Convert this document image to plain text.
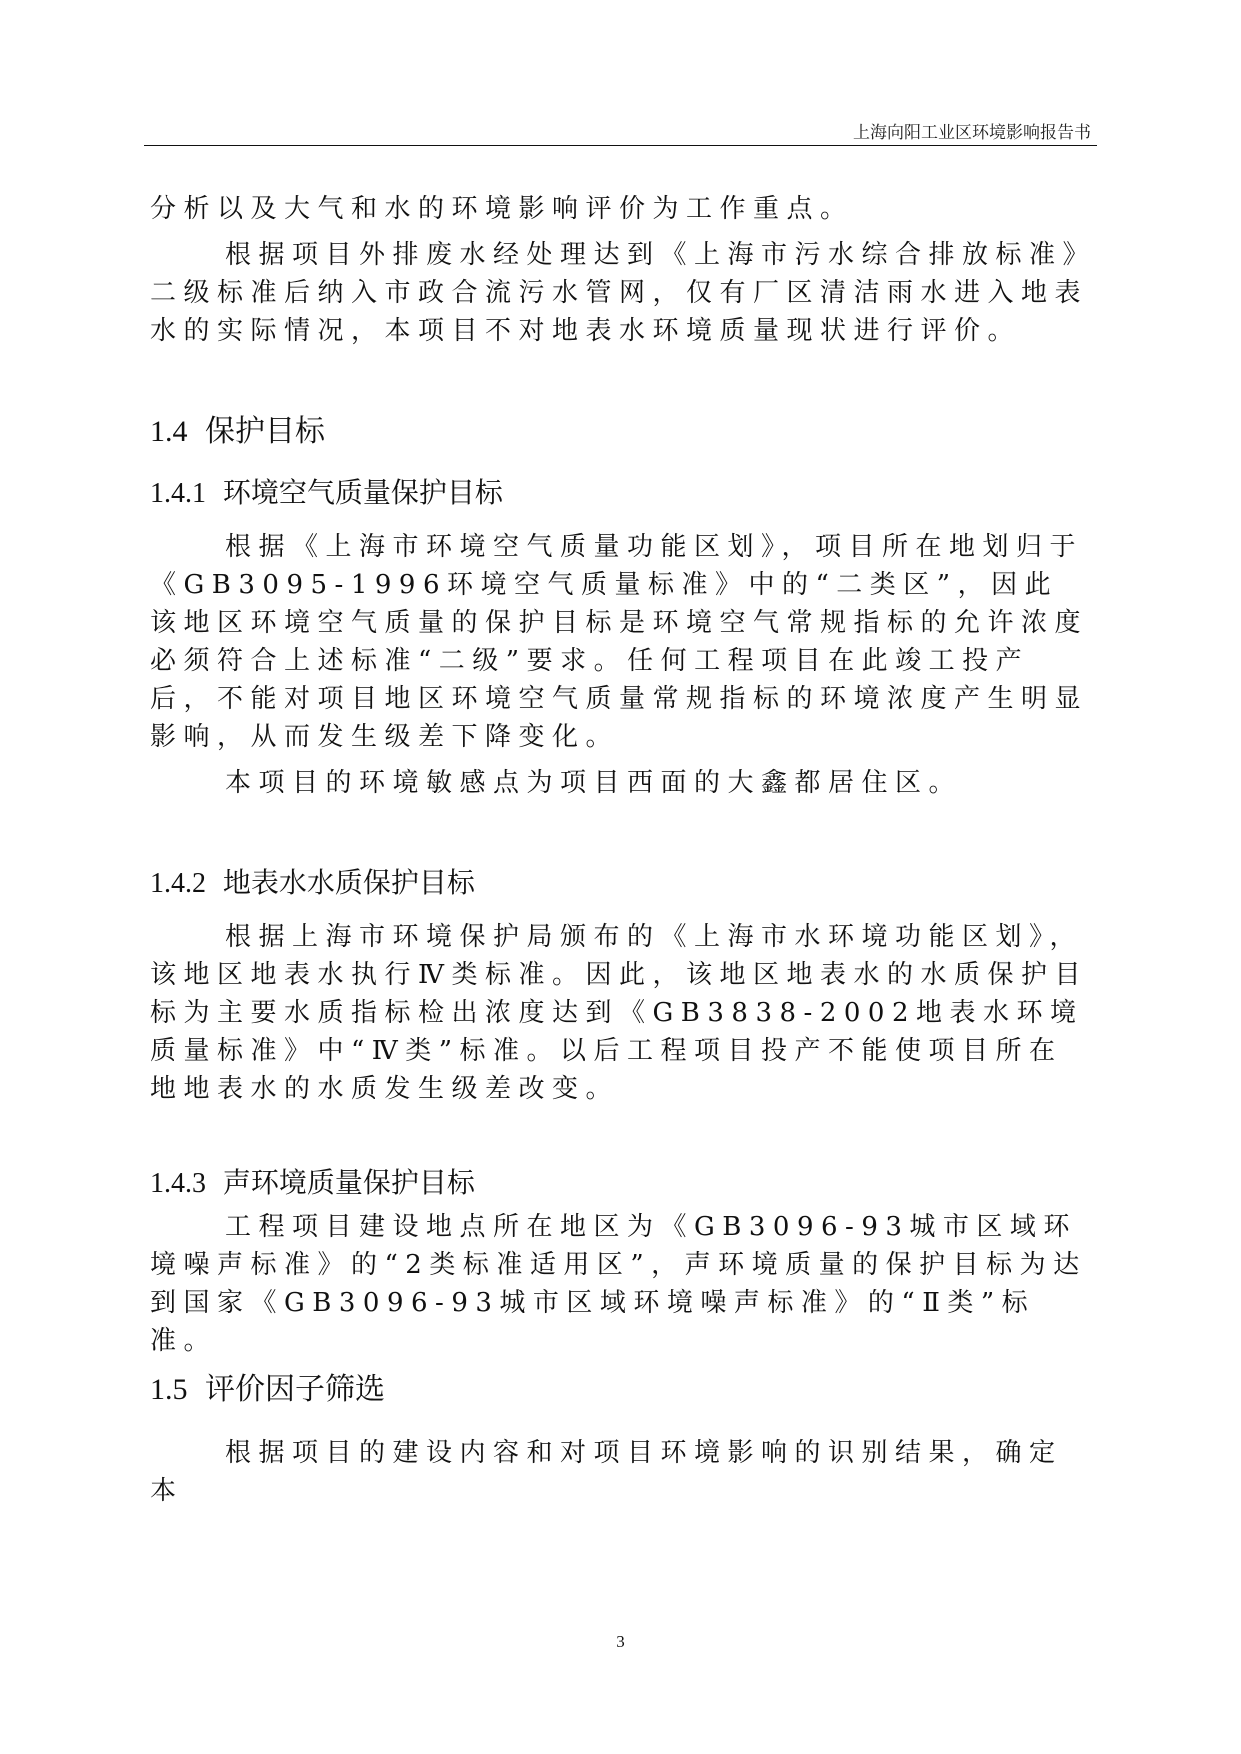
上海向阳工业区环境影响报告书

分析以及大气和水的环境影响评价为工作重点。

根据项目外排废水经处理达到《上海市污水综合排放标准》二级标准后纳入市政合流污水管网，仅有厂区清洁雨水进入地表水的实际情况，本项目不对地表水环境质量现状进行评价。

1.4 保护目标
1.4.1 环境空气质量保护目标

根据《上海市环境空气质量功能区划》，项目所在地划归于《GB3095-1996环境空气质量标准》中的“二类区”，因此该地区环境空气质量的保护目标是环境空气常规指标的允许浓度必须符合上述标准“二级”要求。任何工程项目在此竣工投产后，不能对项目地区环境空气质量常规指标的环境浓度产生明显影响，从而发生级差下降变化。

本项目的环境敏感点为项目西面的大鑫都居住区。

1.4.2 地表水水质保护目标

根据上海市环境保护局颁布的《上海市水环境功能区划》，该地区地表水执行Ⅳ类标准。因此，该地区地表水的水质保护目标为主要水质指标检出浓度达到《GB3838-2002地表水环境质量标准》中“Ⅳ类”标准。以后工程项目投产不能使项目所在地地表水的水质发生级差改变。

1.4.3 声环境质量保护目标

工程项目建设地点所在地区为《GB3096-93城市区域环境噪声标准》的“2类标准适用区”，声环境质量的保护目标为达到国家《GB3096-93城市区域环境噪声标准》的“Ⅱ类”标准。

1.5 评价因子筛选

根据项目的建设内容和对项目环境影响的识别结果，确定本

3
